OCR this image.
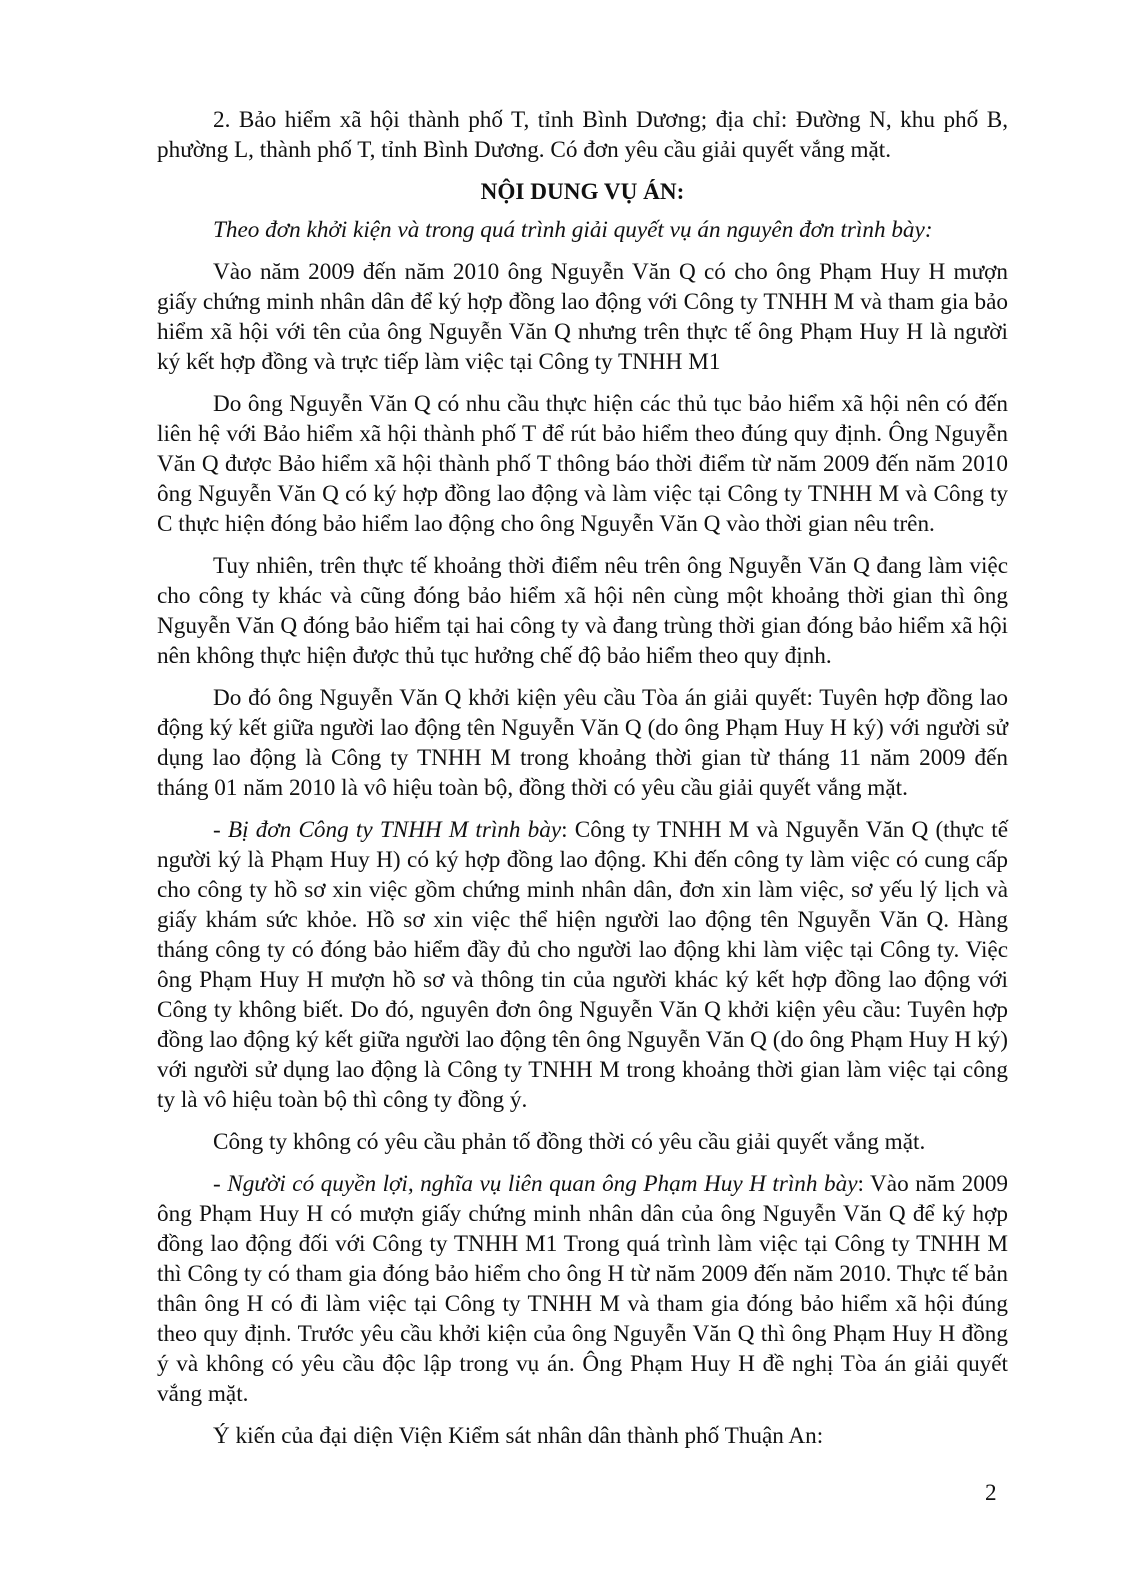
2. Bảo hiểm xã hội thành phố T, tỉnh Bình Dương; địa chỉ: Đường N, khu phố B, phường L, thành phố T, tỉnh Bình Dương. Có đơn yêu cầu giải quyết vắng mặt.

NỘI DUNG VỤ ÁN:

Theo đơn khởi kiện và trong quá trình giải quyết vụ án nguyên đơn trình bày:

Vào năm 2009 đến năm 2010 ông Nguyễn Văn Q có cho ông Phạm Huy H mượn giấy chứng minh nhân dân để ký hợp đồng lao động với Công ty TNHH M và tham gia bảo hiểm xã hội với tên của ông Nguyễn Văn Q nhưng trên thực tế ông Phạm Huy H là người ký kết hợp đồng và trực tiếp làm việc tại Công ty TNHH M1

Do ông Nguyễn Văn Q có nhu cầu thực hiện các thủ tục bảo hiểm xã hội nên có đến liên hệ với Bảo hiểm xã hội thành phố T để rút bảo hiểm theo đúng quy định. Ông Nguyễn Văn Q được Bảo hiểm xã hội thành phố T thông báo thời điểm từ năm 2009 đến năm 2010 ông Nguyễn Văn Q có ký hợp đồng lao động và làm việc tại Công ty TNHH M và Công ty C thực hiện đóng bảo hiểm lao động cho ông Nguyễn Văn Q vào thời gian nêu trên.

Tuy nhiên, trên thực tế khoảng thời điểm nêu trên ông Nguyễn Văn Q đang làm việc cho công ty khác và cũng đóng bảo hiểm xã hội nên cùng một khoảng thời gian thì ông Nguyễn Văn Q đóng bảo hiểm tại hai công ty và đang trùng thời gian đóng bảo hiểm xã hội nên không thực hiện được thủ tục hưởng chế độ bảo hiểm theo quy định.

Do đó ông Nguyễn Văn Q khởi kiện yêu cầu Tòa án giải quyết: Tuyên hợp đồng lao động ký kết giữa người lao động tên Nguyễn Văn Q (do ông Phạm Huy H ký) với người sử dụng lao động là Công ty TNHH M trong khoảng thời gian từ tháng 11 năm 2009 đến tháng 01 năm 2010 là vô hiệu toàn bộ, đồng thời có yêu cầu giải quyết vắng mặt.

- Bị đơn Công ty TNHH M trình bày: Công ty TNHH M và Nguyễn Văn Q (thực tế người ký là Phạm Huy H) có ký hợp đồng lao động. Khi đến công ty làm việc có cung cấp cho công ty hồ sơ xin việc gồm chứng minh nhân dân, đơn xin làm việc, sơ yếu lý lịch và giấy khám sức khỏe. Hồ sơ xin việc thể hiện người lao động tên Nguyễn Văn Q. Hàng tháng công ty có đóng bảo hiểm đầy đủ cho người lao động khi làm việc tại Công ty. Việc ông Phạm Huy H mượn hồ sơ và thông tin của người khác ký kết hợp đồng lao động với Công ty không biết. Do đó, nguyên đơn ông Nguyễn Văn Q khởi kiện yêu cầu: Tuyên hợp đồng lao động ký kết giữa người lao động tên ông Nguyễn Văn Q (do ông Phạm Huy H ký) với người sử dụng lao động là Công ty TNHH M trong khoảng thời gian làm việc tại công ty là vô hiệu toàn bộ thì công ty đồng ý.

Công ty không có yêu cầu phản tố đồng thời có yêu cầu giải quyết vắng mặt.

- Người có quyền lợi, nghĩa vụ liên quan ông Phạm Huy H trình bày: Vào năm 2009 ông Phạm Huy H có mượn giấy chứng minh nhân dân của ông Nguyễn Văn Q để ký hợp đồng lao động đối với Công ty TNHH M1 Trong quá trình làm việc tại Công ty TNHH M thì Công ty có tham gia đóng bảo hiểm cho ông H từ năm 2009 đến năm 2010. Thực tế bản thân ông H có đi làm việc tại Công ty TNHH M và tham gia đóng bảo hiểm xã hội đúng theo quy định. Trước yêu cầu khởi kiện của ông Nguyễn Văn Q thì ông Phạm Huy H đồng ý và không có yêu cầu độc lập trong vụ án. Ông Phạm Huy H đề nghị Tòa án giải quyết vắng mặt.

Ý kiến của đại diện Viện Kiểm sát nhân dân thành phố Thuận An:

2
